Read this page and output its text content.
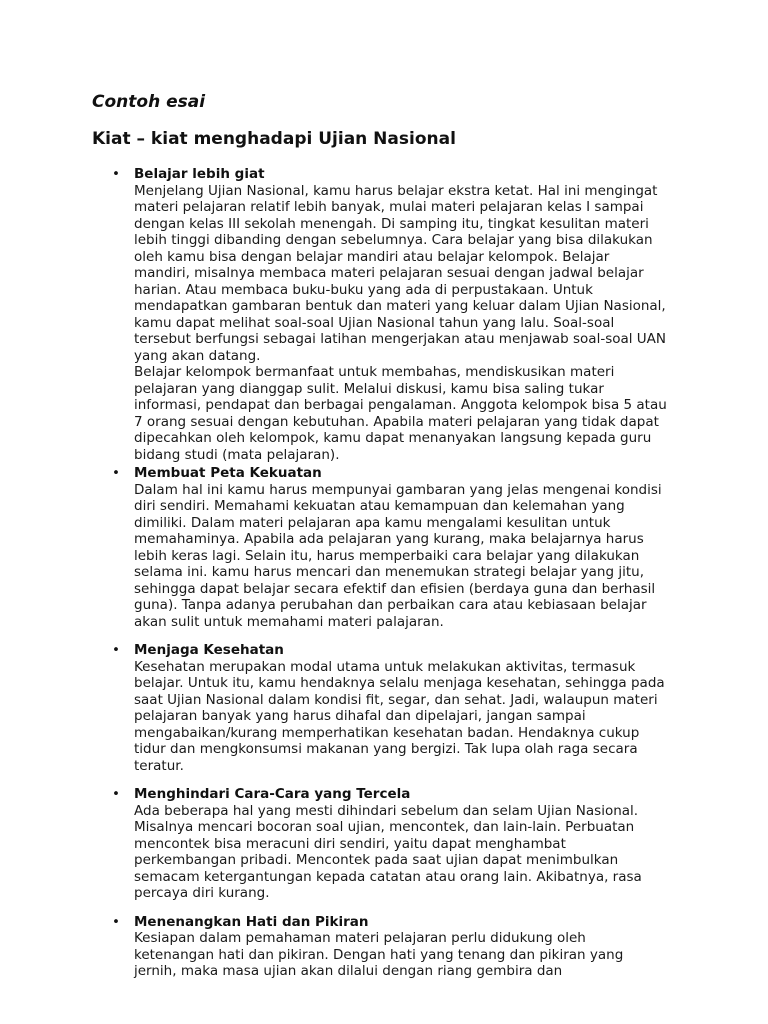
Contoh esai
Kiat – kiat menghadapi Ujian Nasional
• Belajar lebih giat

Menjelang Ujian Nasional, kamu harus belajar ekstra ketat. Hal ini mengingat materi pelajaran relatif lebih banyak, mulai materi pelajaran kelas I sampai dengan kelas III sekolah menengah. Di samping itu, tingkat kesulitan materi lebih tinggi dibanding dengan sebelumnya. Cara belajar yang bisa dilakukan oleh kamu bisa dengan belajar mandiri atau belajar kelompok. Belajar mandiri, misalnya membaca materi pelajaran sesuai dengan jadwal belajar harian. Atau membaca buku-buku yang ada di perpustakaan. Untuk mendapatkan gambaran bentuk dan materi yang keluar dalam Ujian Nasional, kamu dapat melihat soal-soal Ujian Nasional tahun yang lalu. Soal-soal tersebut berfungsi sebagai latihan mengerjakan atau menjawab soal-soal UAN yang akan datang.

Belajar kelompok bermanfaat untuk membahas, mendiskusikan materi pelajaran yang dianggap sulit. Melalui diskusi, kamu bisa saling tukar informasi, pendapat dan berbagai pengalaman. Anggota kelompok bisa 5 atau 7 orang sesuai dengan kebutuhan. Apabila materi pelajaran yang tidak dapat dipecahkan oleh kelompok, kamu dapat menanyakan langsung kepada guru bidang studi (mata pelajaran).

• Membuat Peta Kekuatan

Dalam hal ini kamu harus mempunyai gambaran yang jelas mengenai kondisi diri sendiri. Memahami kekuatan atau kemampuan dan kelemahan yang dimiliki. Dalam materi pelajaran apa kamu mengalami kesulitan untuk memahaminya. Apabila ada pelajaran yang kurang, maka belajarnya harus lebih keras lagi. Selain itu, harus memperbaiki cara belajar yang dilakukan selama ini. kamu harus mencari dan menemukan strategi belajar yang jitu, sehingga dapat belajar secara efektif dan efisien (berdaya guna dan berhasil guna). Tanpa adanya perubahan dan perbaikan cara atau kebiasaan belajar akan sulit untuk memahami materi palajaran.

• Menjaga Kesehatan

Kesehatan merupakan modal utama untuk melakukan aktivitas, termasuk belajar. Untuk itu, kamu hendaknya selalu menjaga kesehatan, sehingga pada saat Ujian Nasional dalam kondisi fit, segar, dan sehat. Jadi, walaupun materi pelajaran banyak yang harus dihafal dan dipelajari, jangan sampai mengabaikan/kurang memperhatikan kesehatan badan. Hendaknya cukup tidur dan mengkonsumsi makanan yang bergizi. Tak lupa olah raga secara teratur.

• Menghindari Cara-Cara yang Tercela

Ada beberapa hal yang mesti dihindari sebelum dan selam Ujian Nasional. Misalnya mencari bocoran soal ujian, mencontek, dan lain-lain. Perbuatan mencontek bisa meracuni diri sendiri, yaitu dapat menghambat perkembangan pribadi. Mencontek pada saat ujian dapat menimbulkan semacam ketergantungan kepada catatan atau orang lain. Akibatnya, rasa percaya diri kurang.

• Menenangkan Hati dan Pikiran

Kesiapan dalam pemahaman materi pelajaran perlu didukung oleh ketenangan hati dan pikiran. Dengan hati yang tenang dan pikiran yang jernih, maka masa ujian akan dilalui dengan riang gembira dan
